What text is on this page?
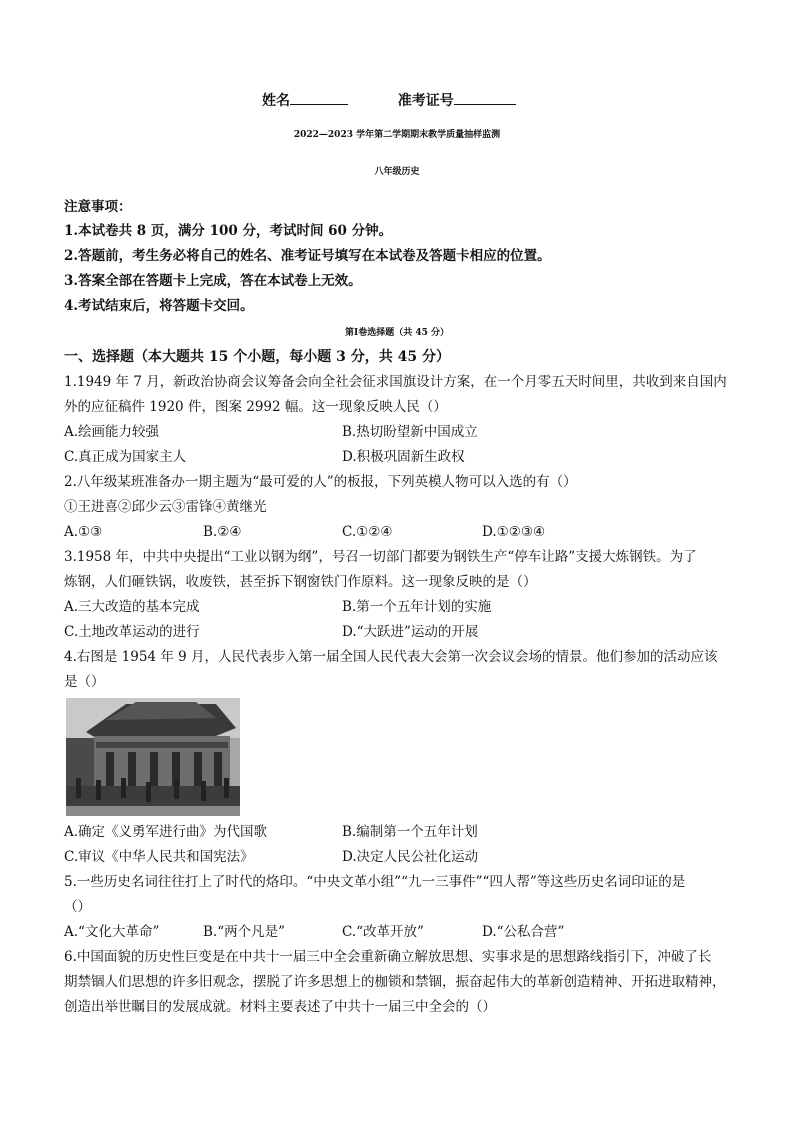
姓名	准考证号
2022—2023 学年第二学期期末教学质量抽样监测
八年级历史
注意事项：
1.本试卷共 8 页，满分 100 分，考试时间 60 分钟。
2.答题前，考生务必将自己的姓名、准考证号填写在本试卷及答题卡相应的位置。
3.答案全部在答题卡上完成，答在本试卷上无效。
4.考试结束后，将答题卡交回。
第Ⅰ卷选择题（共 45 分）
一、选择题（本大题共 15 个小题，每小题 3 分，共 45 分）
1.1949 年 7 月，新政治协商会议筹备会向全社会征求国旗设计方案，在一个月零五天时间里，共收到来自国内
外的应征稿件 1920 件，图案 2992 幅。这一现象反映人民（）
A.绘画能力较强	B.热切盼望新中国成立
C.真正成为国家主人	D.积极巩固新生政权
2.八年级某班准备办一期主题为“最可爱的人”的板报，下列英模人物可以入选的有（）
①王进喜②邱少云③雷锋④黄继光
A.①③	B.②④	C.①②④	D.①②③④
3.1958 年，中共中央提出“工业以钢为纲”，号召一切部门都要为钢铁生产“停车让路”支援大炼钢铁。为了
炼钢，人们砸铁锅，收废铁，甚至拆下钢窗铁门作原料。这一现象反映的是（）
A.三大改造的基本完成	B.第一个五年计划的实施
C.土地改革运动的进行	D.“大跃进”运动的开展
4.右图是 1954 年 9 月，人民代表步入第一届全国人民代表大会第一次会议会场的情景。他们参加的活动应该
是（）
A.确定《义勇军进行曲》为代国歌	B.编制第一个五年计划
C.审议《中华人民共和国宪法》	D.决定人民公社化运动
5.一些历史名词往往打上了时代的烙印。“中央文革小组”“九一三事件”“四人帮”等这些历史名词印证的是
（）
A.“文化大革命”	B.“两个凡是”	C.“改革开放”	D.“公私合营”
6.中国面貌的历史性巨变是在中共十一届三中全会重新确立解放思想、实事求是的思想路线指引下，冲破了长
期禁锢人们思想的许多旧观念，摆脱了许多思想上的枷锁和禁锢，振奋起伟大的革新创造精神、开拓进取精神，
创造出举世瞩目的发展成就。材料主要表述了中共十一届三中全会的（）
